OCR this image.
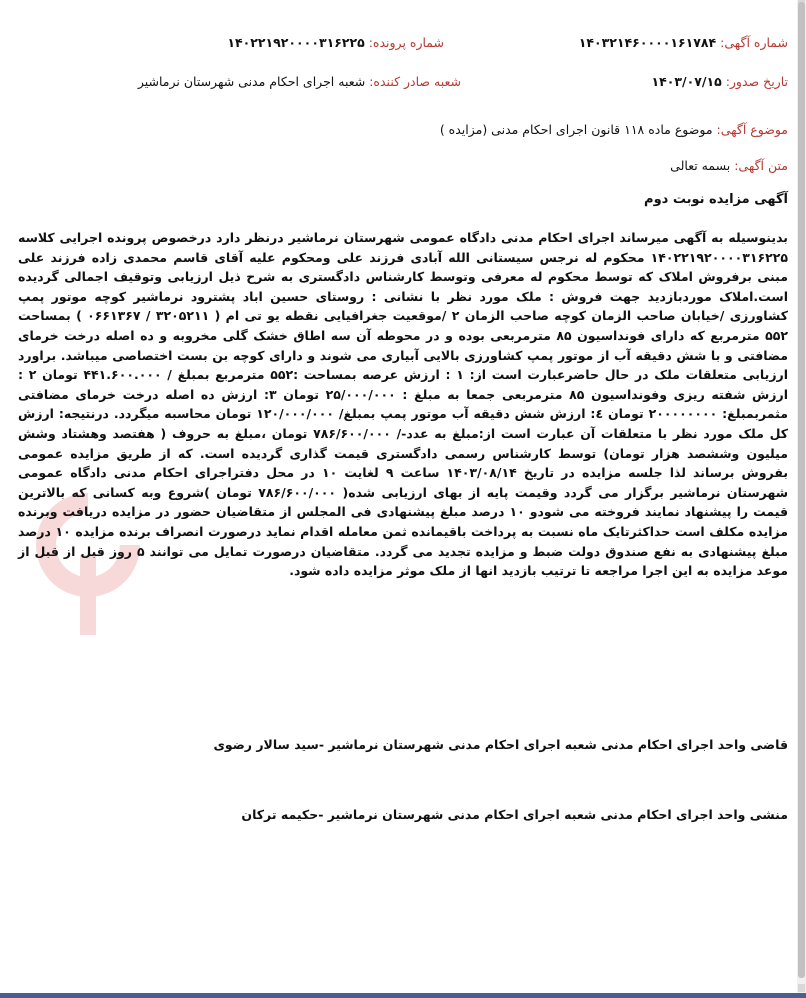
شماره آگهی: ۱۴۰۳۲۱۴۶۰۰۰۰۱۶۱۷۸۴
شماره پرونده: ۱۴۰۲۲۱۹۲۰۰۰۰۳۱۶۲۲۵
تاریخ صدور: ۱۴۰۳/۰۷/۱۵
شعبه صادر کننده: شعبه اجرای احکام مدنی شهرستان نرماشیر
موضوع آگهی: موضوع ماده ۱۱۸ قانون اجرای احکام مدنی (مزایده )
متن آگهی: بسمه تعالی
آگهی مزایده نوبت دوم
بدینوسیله به آگهی میرساند اجرای احکام مدنی دادگاه عمومی شهرستان نرماشیر درنظر دارد درخصوص پرونده اجرایی کلاسه ۱۴۰۲۲۱۹۲۰۰۰۰۳۱۶۲۲۵ محکوم له نرجس سیستانی الله آبادی فرزند علی ومحکوم علیه آقای قاسم محمدی زاده فرزند علی مبنی برفروش املاک که توسط محکوم له معرفی وتوسط کارشناس دادگستری به شرح ذیل ارزیابی وتوقیف اجمالی گردیده است.املاک موردبازدید جهت فروش : ملک مورد نظر با نشانی : روستای حسین اباد پشترود نرماشیر کوچه موتور پمپ کشاورزی /خیابان صاحب الزمان کوچه صاحب الزمان ۲ /موقعیت جغرافیایی نقطه یو تی ام ( ۳۲۰۵۲۱۱ / ۰۶۶۱۳۶۷ ) بمساحت ۵۵۲ مترمربع که دارای فونداسیون ۸۵ مترمربعی بوده و در محوطه آن سه اطاق خشک گلی مخروبه و ده اصله درخت خرمای مضافتی و با شش دقیقه آب از موتور پمپ کشاورزی بالایی آبیاری می شوند و دارای کوچه بن بست اختصاصی میباشد. براورد ارزیابی متعلقات ملک در حال حاضرعبارت است از: ۱ : ارزش عرصه بمساحت :۵۵۲ مترمربع بمبلغ / ۴۴۱.۶۰۰.۰۰۰ تومان ۲ : ارزش شفته ریزی وفونداسیون ۸۵ مترمربعی جمعا به مبلغ : ۲۵/۰۰۰/۰۰۰ تومان ۳: ارزش ده اصله درخت خرمای مضافتی مثمربمبلغ: ۲۰۰۰۰۰۰۰۰ تومان ٤: ارزش شش دقیقه آب موتور پمپ بمبلغ/ ۱۲۰/۰۰۰/۰۰۰ تومان محاسبه میگردد. درنتیجه: ارزش کل ملک مورد نظر با متعلقات آن عبارت است از:مبلغ به عدد-/ ۷۸۶/۶۰۰/۰۰۰ تومان ،مبلغ به حروف ( هفتصد وهشتاد وشش میلیون وششصد هزار تومان) توسط کارشناس رسمی دادگستری قیمت گذاری گردیده است. که از طریق مزایده عمومی بفروش برساند لذا جلسه مزایده در تاریخ ۱۴۰۳/۰۸/۱۴ ساعت ۹ لغایت ۱۰ در محل دفتراجرای احکام مدنی دادگاه عمومی شهرستان نرماشیر برگزار می گردد وقیمت پایه از بهای ارزیابی شده( ۷۸۶/۶۰۰/۰۰۰ تومان )شروع وبه کسانی که بالاترین قیمت را پیشنهاد نمایند فروخته می شودو ۱۰ درصد مبلغ پیشنهادی فی المجلس از متقاضیان حضور در مزایده دریافت وبرنده مزایده مکلف است حداکثرتایک ماه نسبت به پرداخت باقیمانده ثمن معامله اقدام نماید درصورت انصراف برنده مزایده ۱۰ درصد مبلغ پیشنهادی به نفع صندوق دولت ضبط و مزایده تجدید می گردد. متقاضیان درصورت تمایل می توانند ۵ روز قبل از قبل از موعد مزایده به این اجرا مراجعه تا ترتیب بازدید انها از ملک موثر مزایده داده شود.
قاضی واحد اجرای احکام مدنی شعبه اجرای احکام مدنی شهرستان نرماشیر -سید سالار رضوی
منشی واحد اجرای احکام مدنی شعبه اجرای احکام مدنی شهرستان نرماشیر -حکیمه ترکان
